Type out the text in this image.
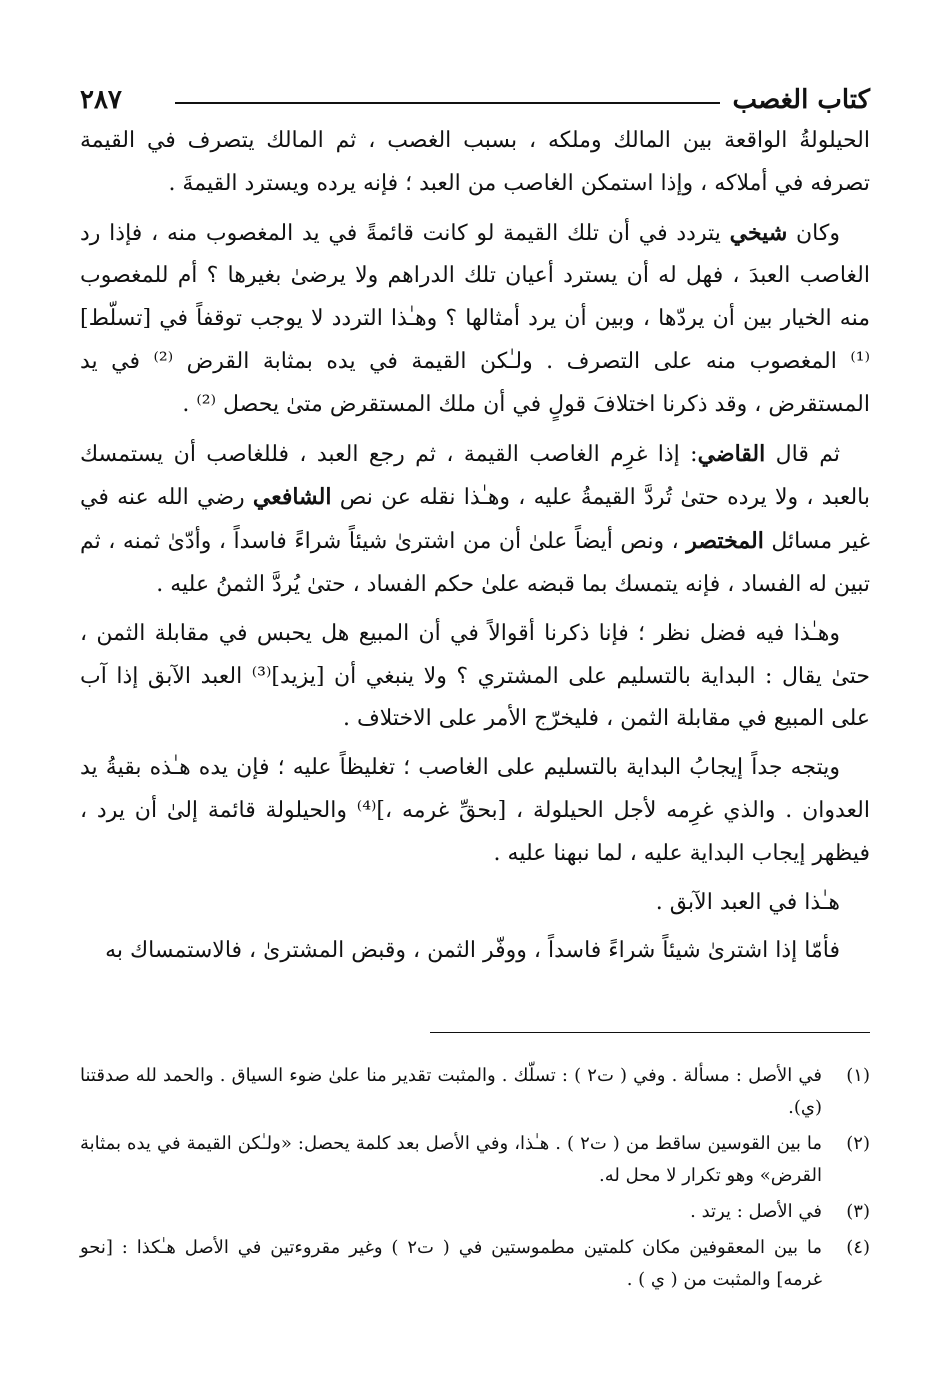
كتاب الغصب
٢٨٧

الحيلولةُ الواقعة بين المالك وملكه ، بسبب الغصب ، ثم المالك يتصرف في القيمة تصرفه في أملاكه ، وإذا استمكن الغاصب من العبد ؛ فإنه يرده ويسترد القيمةَ .

وكان شيخي يتردد في أن تلك القيمة لو كانت قائمةً في يد المغصوب منه ، فإذا رد الغاصب العبدَ ، فهل له أن يسترد أعيان تلك الدراهم ولا يرضىٰ بغيرها ؟ أم للمغصوب منه الخيار بين أن يردّها ، وبين أن يرد أمثالها ؟ وهـٰذا التردد لا يوجب توقفاً في [تسلّط]⁽¹⁾ المغصوب منه على التصرف . ولـٰكن القيمة في يده بمثابة القرض ⁽²⁾ في يد المستقرض ، وقد ذكرنا اختلافَ قولٍ في أن ملك المستقرض متىٰ يحصل ⁽²⁾ .

ثم قال القاضي: إذا غرِم الغاصب القيمة ، ثم رجع العبد ، فللغاصب أن يستمسك بالعبد ، ولا يرده حتىٰ تُردَّ القيمةُ عليه ، وهـٰذا نقله عن نص الشافعي رضي الله عنه في غير مسائل المختصر ، ونص أيضاً علىٰ أن من اشترىٰ شيئاً شراءً فاسداً ، وأدّىٰ ثمنه ، ثم تبين له الفساد ، فإنه يتمسك بما قبضه علىٰ حكم الفساد ، حتىٰ يُردَّ الثمنُ عليه .

وهـٰذا فيه فضل نظر ؛ فإنا ذكرنا أقوالاً في أن المبيع هل يحبس في مقابلة الثمن ، حتىٰ يقال : البداية بالتسليم على المشتري ؟ ولا ينبغي أن [يزيد]⁽³⁾ العبد الآبق إذا آب على المبيع في مقابلة الثمن ، فليخرّج الأمر على الاختلاف .

ويتجه جداً إيجابُ البداية بالتسليم على الغاصب ؛ تغليظاً عليه ؛ فإن يده هـٰذه بقيةُ يد العدوان . والذي غرِمه لأجل الحيلولة ، [بحقِّ غرمه ،]⁽⁴⁾ والحيلولة قائمة إلىٰ أن يرد ، فيظهر إيجاب البداية عليه ، لما نبهنا عليه .

هـٰذا في العبد الآبق .

فأمّا إذا اشترىٰ شيئاً شراءً فاسداً ، ووفّر الثمن ، وقبض المشترىٰ ، فالاستمساك به

(١)
في الأصل : مسألة . وفي ( ت٢ ) : تسلّك . والمثبت تقدير منا علىٰ ضوء السياق . والحمد لله صدقتنا (ي).
(٢)
ما بين القوسين ساقط من ( ت٢ ) . هـٰذا، وفي الأصل بعد كلمة يحصل: «ولـٰكن القيمة في يده بمثابة القرض» وهو تكرار لا محل له.
(٣)
في الأصل : يرتد .
(٤)
ما بين المعقوفين مكان كلمتين مطموستين في ( ت٢ ) وغير مقروءتين في الأصل هـٰكذا : [نحو غرمه] والمثبت من ( ي ) .
